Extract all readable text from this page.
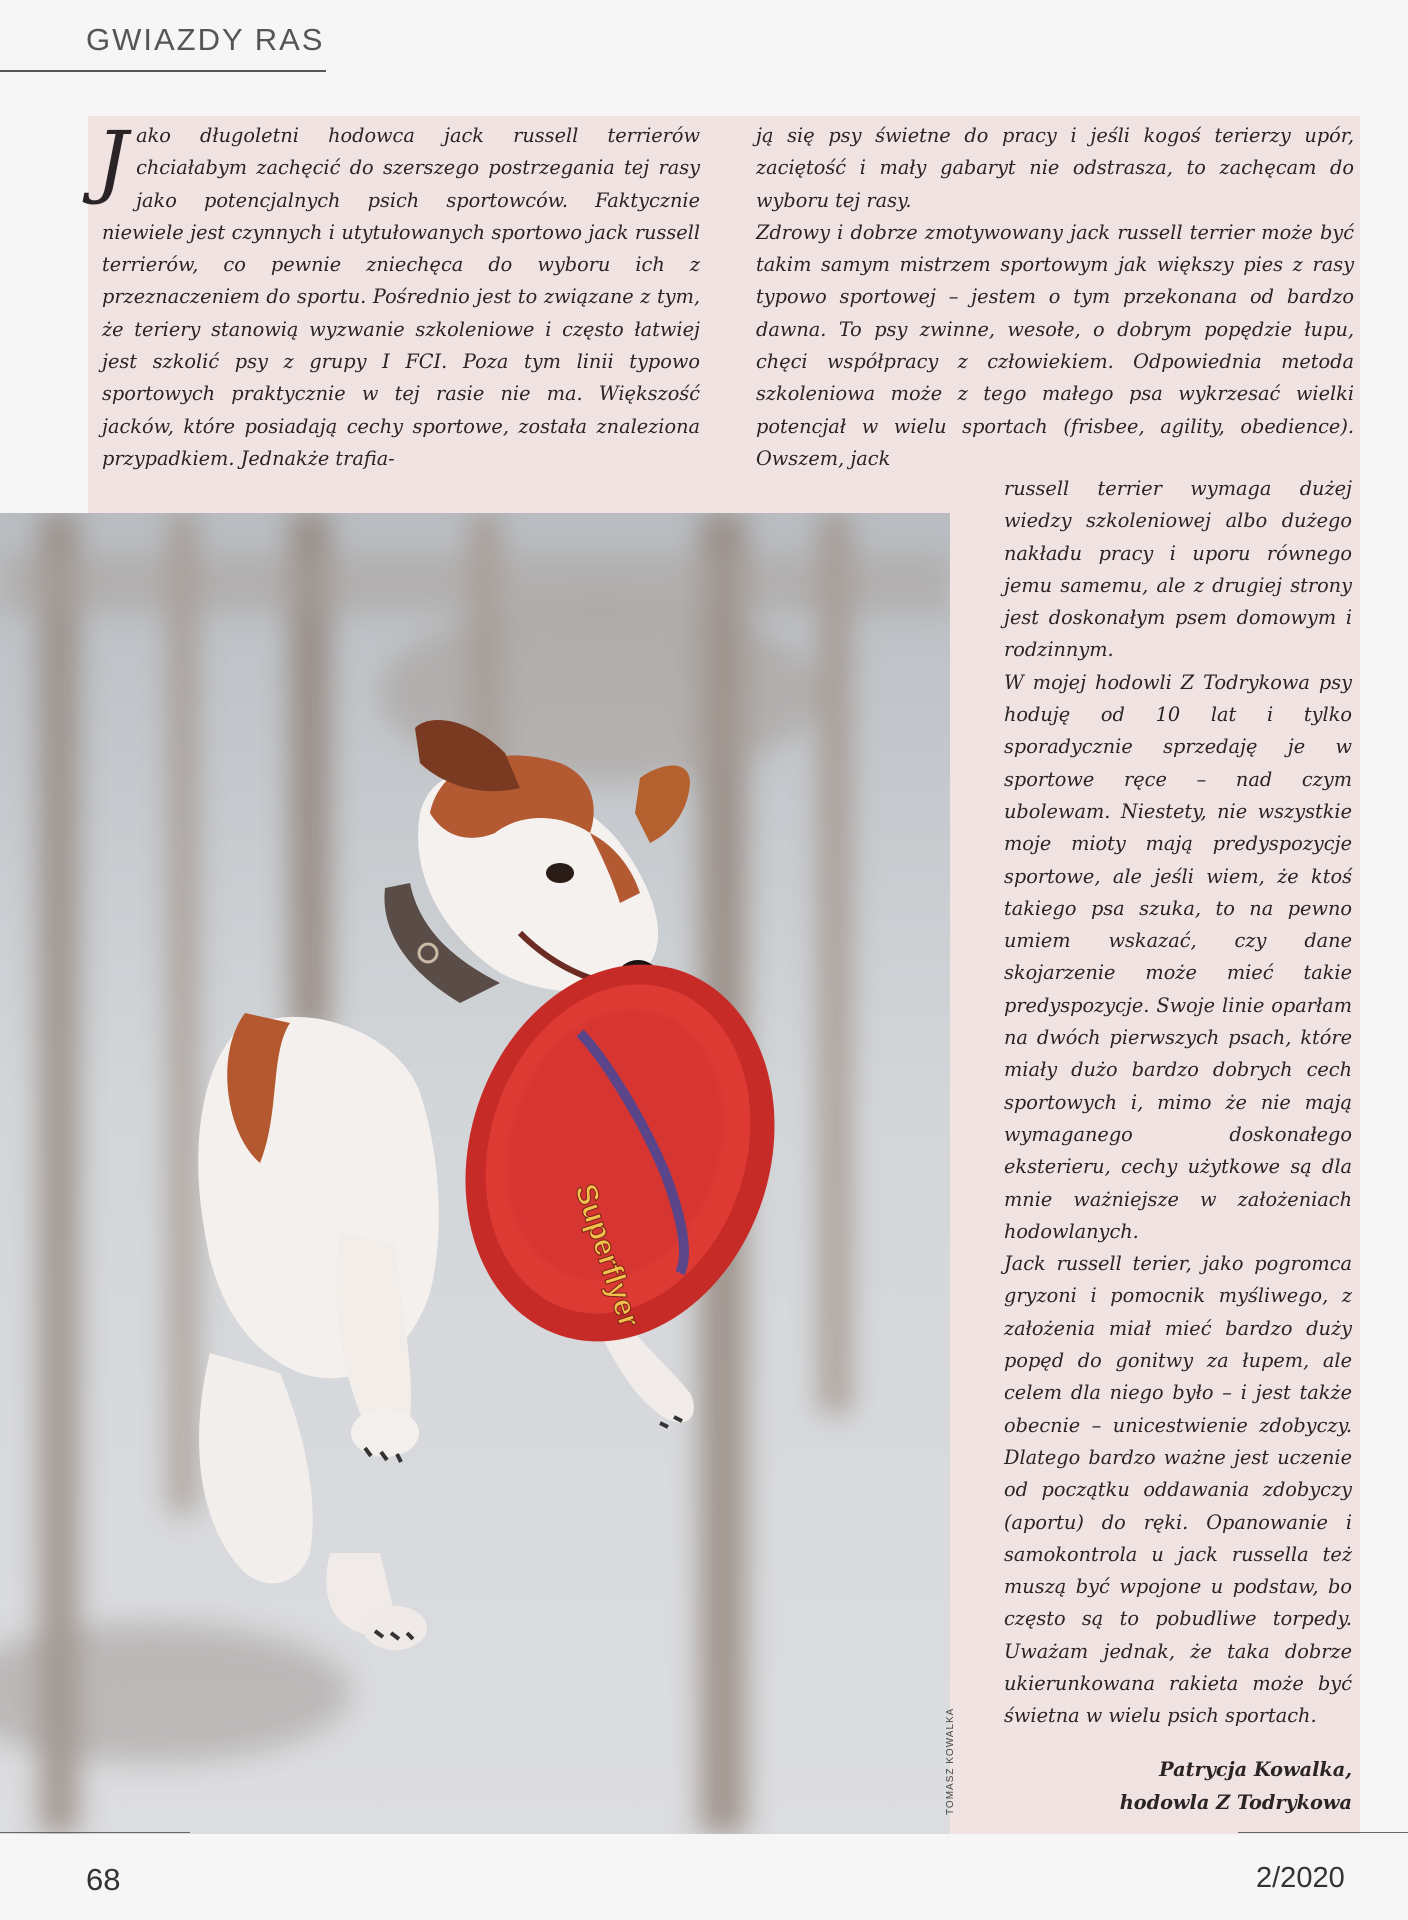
GWIAZDY RAS
Superflyer
TOMASZ KOWALKA

Jako długoletni hodowca jack russell terrierów chciałabym zachęcić do szerszego postrzegania tej rasy jako potencjalnych psich sportowców. Faktycznie niewiele jest czynnych i utytułowanych sportowo jack russell terrierów, co pewnie zniechęca do wyboru ich z przeznaczeniem do sportu. Pośrednio jest to związane z tym, że teriery stanowią wyzwanie szkoleniowe i często łatwiej jest szkolić psy z grupy I FCI. Poza tym linii typowo sportowych praktycznie w tej rasie nie ma. Większość jacków, które posiadają cechy sportowe, została znaleziona przypadkiem. Jednakże trafia-

ją się psy świetne do pracy i jeśli kogoś terierzy upór, zaciętość i mały gabaryt nie odstrasza, to zachęcam do wyboru tej rasy.

Zdrowy i dobrze zmotywowany jack russell terrier może być takim samym mistrzem sportowym jak większy pies z rasy typowo sportowej – jestem o tym przekonana od bardzo dawna. To psy zwinne, wesołe, o dobrym popędzie łupu, chęci współpracy z człowiekiem. Odpowiednia metoda szkoleniowa może z tego małego psa wykrzesać wielki potencjał w wielu sportach (frisbee, agility, obedience). Owszem, jack

russell terrier wymaga dużej wiedzy szkoleniowej albo dużego nakładu pracy i uporu równego jemu samemu, ale z drugiej strony jest doskonałym psem domowym i rodzinnym.

W mojej hodowli Z Todrykowa psy hoduję od 10 lat i tylko sporadycznie sprzedaję je w sportowe ręce – nad czym ubolewam. Niestety, nie wszystkie moje mioty mają predyspozycje sportowe, ale jeśli wiem, że ktoś takiego psa szuka, to na pewno umiem wskazać, czy dane skojarzenie może mieć takie predyspozycje. Swoje linie oparłam na dwóch pierwszych psach, które miały dużo bardzo dobrych cech sportowych i, mimo że nie mają wymaganego doskonałego eksterieru, cechy użytkowe są dla mnie ważniejsze w założeniach hodowlanych.

Jack russell terier, jako pogromca gryzoni i pomocnik myśliwego, z założenia miał mieć bardzo duży popęd do gonitwy za łupem, ale celem dla niego było – i jest także obecnie – unicestwienie zdobyczy. Dlatego bardzo ważne jest uczenie od początku oddawania zdobyczy (aportu) do ręki. Opanowanie i samokontrola u jack russella też muszą być wpojone u podstaw, bo często są to pobudliwe torpedy. Uważam jednak, że taka dobrze ukierunkowana rakieta może być świetna w wielu psich sportach.

Patrycja Kowalka,
hodowla Z Todrykowa
68	2/2020
